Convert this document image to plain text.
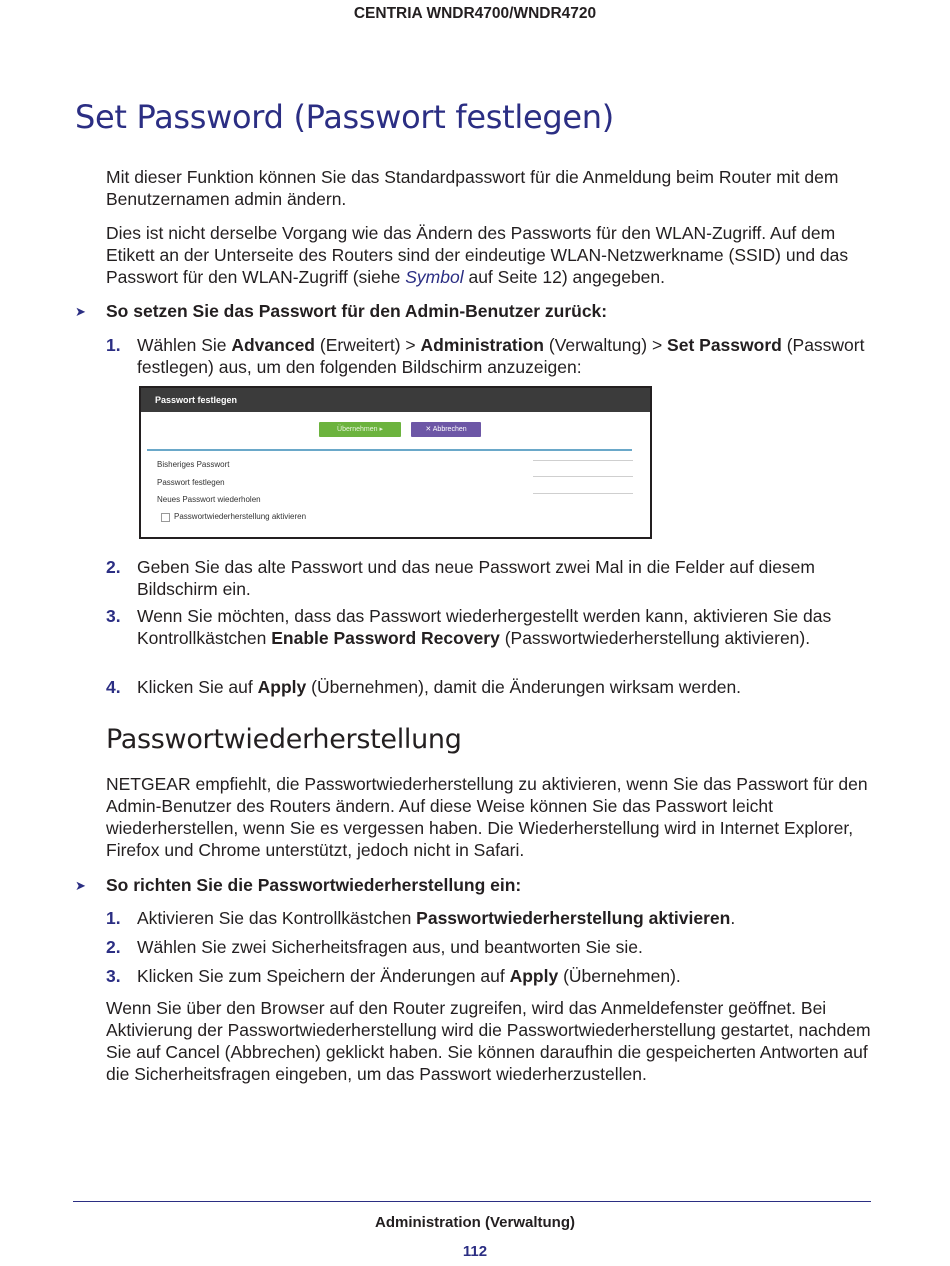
CENTRIA WNDR4700/WNDR4720
Set Password (Passwort festlegen)

Mit dieser Funktion können Sie das Standardpasswort für die Anmeldung beim Router mit dem Benutzernamen admin ändern.

Dies ist nicht derselbe Vorgang wie das Ändern des Passworts für den WLAN-Zugriff. Auf dem Etikett an der Unterseite des Routers sind der eindeutige WLAN-Netzwerkname (SSID) und das Passwort für den WLAN-Zugriff (siehe Symbol auf Seite 12) angegeben.

➤ So setzen Sie das Passwort für den Admin-Benutzer zurück:
1. Wählen Sie Advanced (Erweitert) > Administration (Verwaltung) > Set Password (Passwort festlegen) aus, um den folgenden Bildschirm anzuzeigen:
Passwort festlegen
Übernehmen ▸	✕ Abbrechen
Bisheriges Passwort
Passwort festlegen
Neues Passwort wiederholen
Passwortwiederherstellung aktivieren
2. Geben Sie das alte Passwort und das neue Passwort zwei Mal in die Felder auf diesem Bildschirm ein.
3. Wenn Sie möchten, dass das Passwort wiederhergestellt werden kann, aktivieren Sie das Kontrollkästchen Enable Password Recovery (Passwortwiederherstellung aktivieren).
4. Klicken Sie auf Apply (Übernehmen), damit die Änderungen wirksam werden.
Passwortwiederherstellung

NETGEAR empfiehlt, die Passwortwiederherstellung zu aktivieren, wenn Sie das Passwort für den Admin-Benutzer des Routers ändern. Auf diese Weise können Sie das Passwort leicht wiederherstellen, wenn Sie es vergessen haben. Die Wiederherstellung wird in Internet Explorer, Firefox und Chrome unterstützt, jedoch nicht in Safari.

➤ So richten Sie die Passwortwiederherstellung ein:
1. Aktivieren Sie das Kontrollkästchen Passwortwiederherstellung aktivieren.
2. Wählen Sie zwei Sicherheitsfragen aus, und beantworten Sie sie.
3. Klicken Sie zum Speichern der Änderungen auf Apply (Übernehmen).

Wenn Sie über den Browser auf den Router zugreifen, wird das Anmeldefenster geöffnet. Bei Aktivierung der Passwortwiederherstellung wird die Passwortwiederherstellung gestartet, nachdem Sie auf Cancel (Abbrechen) geklickt haben. Sie können daraufhin die gespeicherten Antworten auf die Sicherheitsfragen eingeben, um das Passwort wiederherzustellen.

Administration (Verwaltung)
112
